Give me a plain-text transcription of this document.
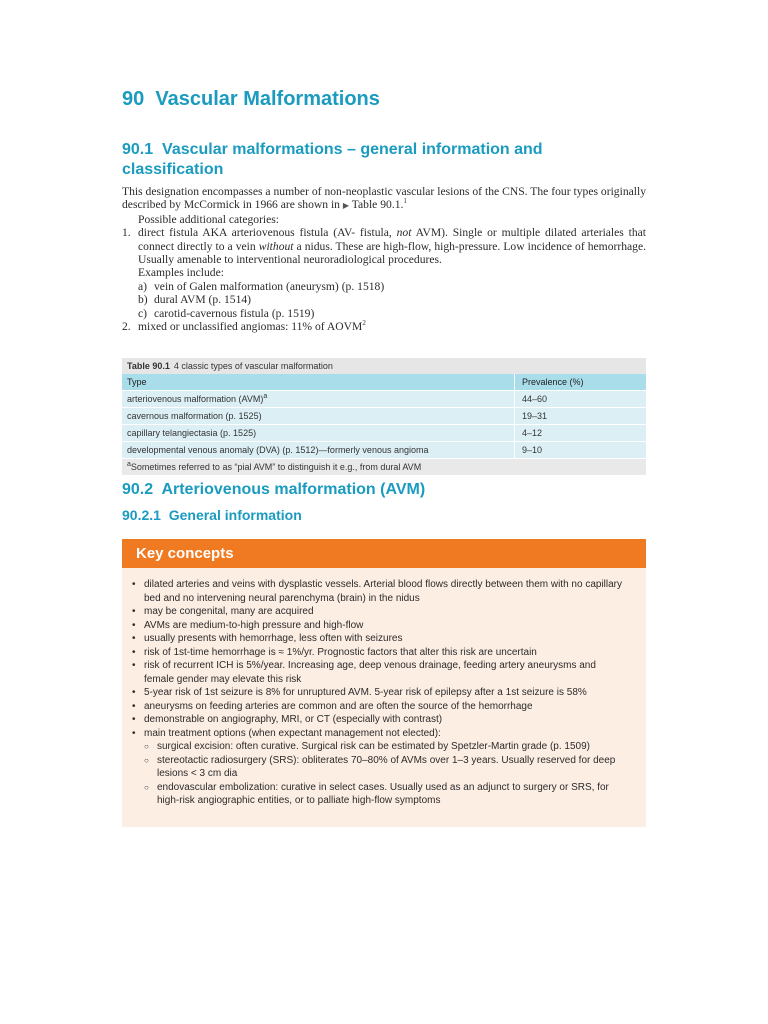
90 Vascular Malformations
90.1 Vascular malformations – general information and classification

This designation encompasses a number of non-neoplastic vascular lesions of the CNS. The four types originally described by McCormick in 1966 are shown in ▶ Table 90.1.$^1$

Possible additional categories:

1. direct fistula AKA arteriovenous fistula (AV- fistula, not AVM). Single or multiple dilated arteriales that connect directly to a vein without a nidus. These are high-flow, high-pressure. Low incidence of hemorrhage. Usually amenable to interventional neuroradiological procedures.
Examples include:
a) vein of Galen malformation (aneurysm) (p. 1518)
b) dural AVM (p. 1514)
c) carotid-cavernous fistula (p. 1519)
2. mixed or unclassified angiomas: 11% of AOVM$^2$
Table 90.1 4 classic types of vascular malformation
Type	Prevalence (%)
arteriovenous malformation (AVM)$^a$	44–60
cavernous malformation (p. 1525)	19–31
capillary telangiectasia (p. 1525)	4–12
developmental venous anomaly (DVA) (p. 1512)—formerly venous angioma	9–10
$^a$Sometimes referred to as “pial AVM” to distinguish it e.g., from dural AVM
90.2 Arteriovenous malformation (AVM)
90.2.1 General information
Key concepts
• dilated arteries and veins with dysplastic vessels. Arterial blood flows directly between them with no capillary bed and no intervening neural parenchyma (brain) in the nidus
• may be congenital, many are acquired
• AVMs are medium-to-high pressure and high-flow
• usually presents with hemorrhage, less often with seizures
• risk of 1st-time hemorrhage is ≈ 1%/yr. Prognostic factors that alter this risk are uncertain
• risk of recurrent ICH is 5%/year. Increasing age, deep venous drainage, feeding artery aneurysms and female gender may elevate this risk
• 5-year risk of 1st seizure is 8% for unruptured AVM. 5-year risk of epilepsy after a 1st seizure is 58%
• aneurysms on feeding arteries are common and are often the source of the hemorrhage
• demonstrable on angiography, MRI, or CT (especially with contrast)
• main treatment options (when expectant management not elected):
○ surgical excision: often curative. Surgical risk can be estimated by Spetzler-Martin grade (p. 1509)
○ stereotactic radiosurgery (SRS): obliterates 70–80% of AVMs over 1–3 years. Usually reserved for deep lesions < 3 cm dia
○ endovascular embolization: curative in select cases. Usually used as an adjunct to surgery or SRS, for high-risk angiographic entities, or to palliate high-flow symptoms
